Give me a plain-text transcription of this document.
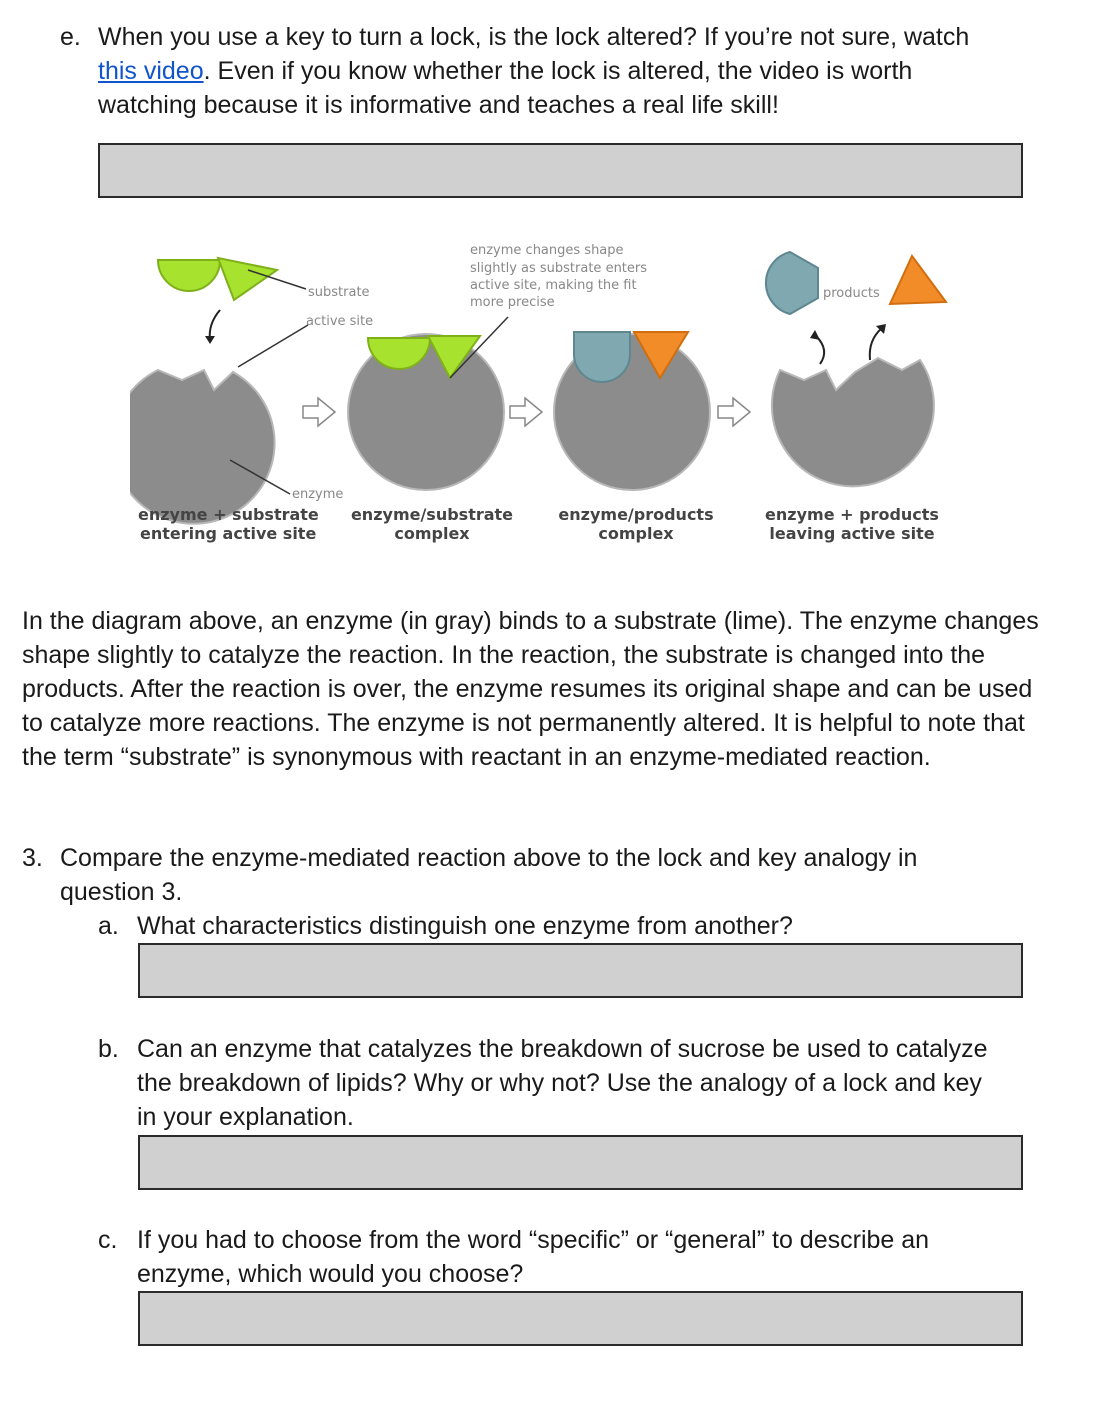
e. When you use a key to turn a lock, is the lock altered? If you’re not sure, watch
this video. Even if you know whether the lock is altered, the video is worth
watching because it is informative and teaches a real life skill!
substrate
active site
enzyme
products
enzyme changes shape
slightly as substrate enters
active site, making the fit
more precise
enzyme + substrate
entering active site
enzyme/substrate
complex
enzyme/products
complex
enzyme + products
leaving active site
In the diagram above, an enzyme (in gray) binds to a substrate (lime). The enzyme changes shape slightly to catalyze the reaction. In the reaction, the substrate is changed into the products. After the reaction is over, the enzyme resumes its original shape and can be used to catalyze more reactions. The enzyme is not permanently altered. It is helpful to note that the term “substrate” is synonymous with reactant in an enzyme-mediated reaction.
3. Compare the enzyme-mediated reaction above to the lock and key analogy in
question 3.
a. What characteristics distinguish one enzyme from another?
b. Can an enzyme that catalyzes the breakdown of sucrose be used to catalyze
the breakdown of lipids? Why or why not? Use the analogy of a lock and key
in your explanation.
c. If you had to choose from the word “specific” or “general” to describe an
enzyme, which would you choose?
